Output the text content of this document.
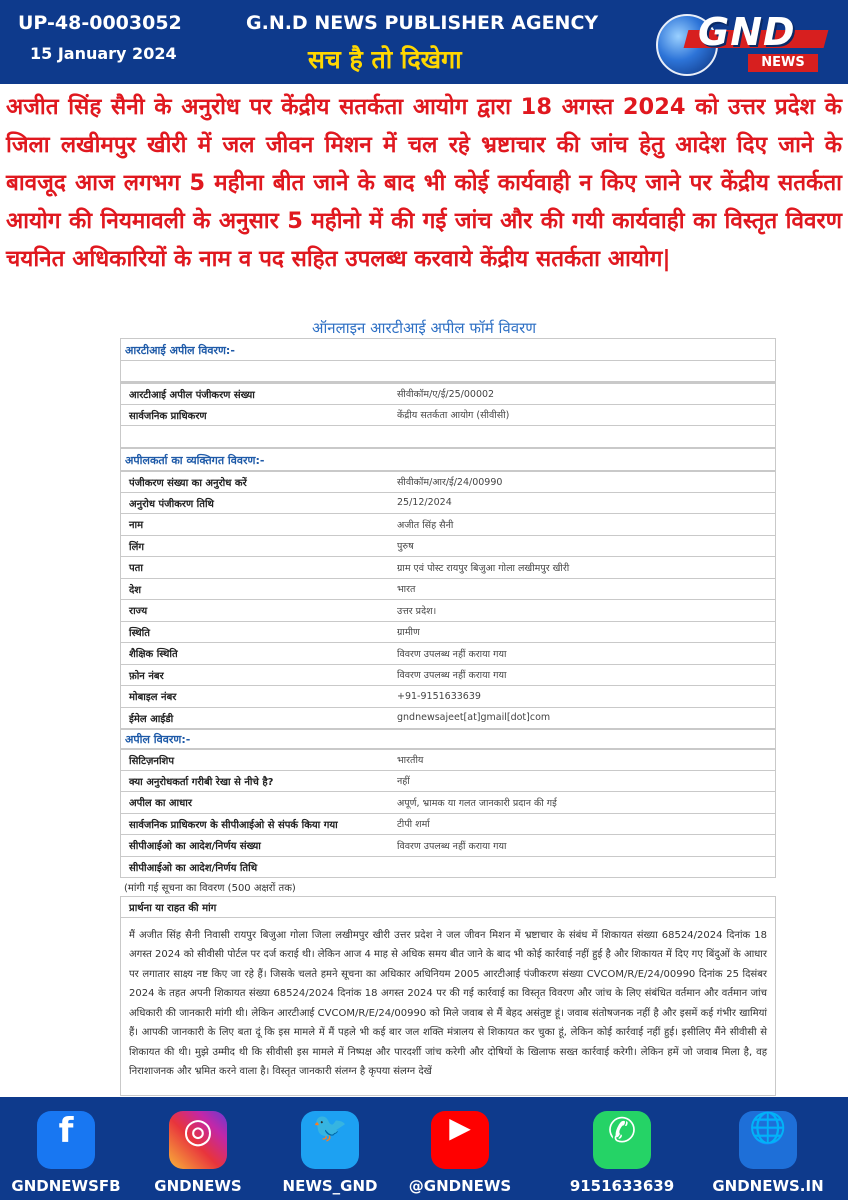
UP-48-0003052
15 January 2024
G.N.D NEWS PUBLISHER AGENCY
सच है तो दिखेगा
GND
NEWS
अजीत सिंह सैनी के अनुरोध पर केंद्रीय सतर्कता आयोग द्वारा 18 अगस्त 2024 को उत्तर प्रदेश के जिला लखीमपुर खीरी में जल जीवन मिशन में चल रहे भ्रष्टाचार की जांच हेतु आदेश दिए जाने के बावजूद आज लगभग 5 महीना बीत जाने के बाद भी कोई कार्यवाही न किए जाने पर केंद्रीय सतर्कता आयोग की नियमावली के अनुसार 5 महीनो में की गई जांच और की गयी कार्यवाही का विस्तृत विवरण चयनित अधिकारियों के नाम व पद सहित उपलब्ध करवाये केंद्रीय सतर्कता आयोग|
ऑनलाइन आरटीआई अपील फॉर्म विवरण
आरटीआई अपील विवरण:-
आरटीआई अपील पंजीकरण संख्या	सीवीकॉम/ए/ई/25/00002
सार्वजनिक प्राधिकरण	केंद्रीय सतर्कता आयोग (सीवीसी)
अपीलकर्ता का व्यक्तिगत विवरण:-
पंजीकरण संख्या का अनुरोध करें	सीवीकॉम/आर/ई/24/00990
अनुरोध पंजीकरण तिथि	25/12/2024
नाम	अजीत सिंह सैनी
लिंग	पुरुष
पता	ग्राम एवं पोस्ट रायपुर बिजुआ गोला लखीमपुर खीरी
देश	भारत
राज्य	उत्तर प्रदेश।
स्थिति	ग्रामीण
शैक्षिक स्थिति	विवरण उपलब्ध नहीं कराया गया
फ़ोन नंबर	विवरण उपलब्ध नहीं कराया गया
मोबाइल नंबर	+91-9151633639
ईमेल आईडी	gndnewsajeet[at]gmail[dot]com
अपील विवरण:-
सिटिज़नशिप	भारतीय
क्या अनुरोधकर्ता गरीबी रेखा से नीचे है?	नहीं
अपील का आधार	अपूर्ण, भ्रामक या गलत जानकारी प्रदान की गई
सार्वजनिक प्राधिकरण के सीपीआईओ से संपर्क किया गया	टीपी शर्मा
सीपीआईओ का आदेश/निर्णय संख्या	विवरण उपलब्ध नहीं कराया गया
सीपीआईओ का आदेश/निर्णय तिथि
(मांगी गई सूचना का विवरण (500 अक्षरों तक)
प्रार्थना या राहत की मांग
मैं अजीत सिंह सैनी निवासी रायपुर बिजुआ गोला जिला लखीमपुर खीरी उत्तर प्रदेश ने जल जीवन मिशन में भ्रष्टाचार के संबंध में शिकायत संख्या 68524/2024 दिनांक 18 अगस्त 2024 को सीवीसी पोर्टल पर दर्ज कराई थी। लेकिन आज 4 माह से अधिक समय बीत जाने के बाद भी कोई कार्रवाई नहीं हुई है और शिकायत में दिए गए बिंदुओं के आधार पर लगातार साक्ष्य नष्ट किए जा रहे हैं। जिसके चलते हमने सूचना का अधिकार अधिनियम 2005 आरटीआई पंजीकरण संख्या CVCOM/R/E/24/00990 दिनांक 25 दिसंबर 2024 के तहत अपनी शिकायत संख्या 68524/2024 दिनांक 18 अगस्त 2024 पर की गई कार्रवाई का विस्तृत विवरण और जांच के लिए संबंधित वर्तमान और वर्तमान जांच अधिकारी की जानकारी मांगी थी। लेकिन आरटीआई CVCOM/R/E/24/00990 को मिले जवाब से मैं बेहद असंतुष्ट हूं। जवाब संतोषजनक नहीं है और इसमें कई गंभीर खामियां हैं। आपकी जानकारी के लिए बता दूं कि इस मामले में मैं पहले भी कई बार जल शक्ति मंत्रालय से शिकायत कर चुका हूं, लेकिन कोई कार्रवाई नहीं हुई। इसीलिए मैंने सीवीसी से शिकायत की थी। मुझे उम्मीद थी कि सीवीसी इस मामले में निष्पक्ष और पारदर्शी जांच करेगी और दोषियों के खिलाफ सख्त कार्रवाई करेगी। लेकिन हमें जो जवाब मिला है, वह निराशाजनक और भ्रमित करने वाला है। विस्तृत जानकारी संलग्न है कृपया संलग्न देखें
f
GNDNEWSFB
◎
GNDNEWS
🐦
NEWS_GND
▶
@GNDNEWS
✆
9151633639
🌐
GNDNEWS.IN
